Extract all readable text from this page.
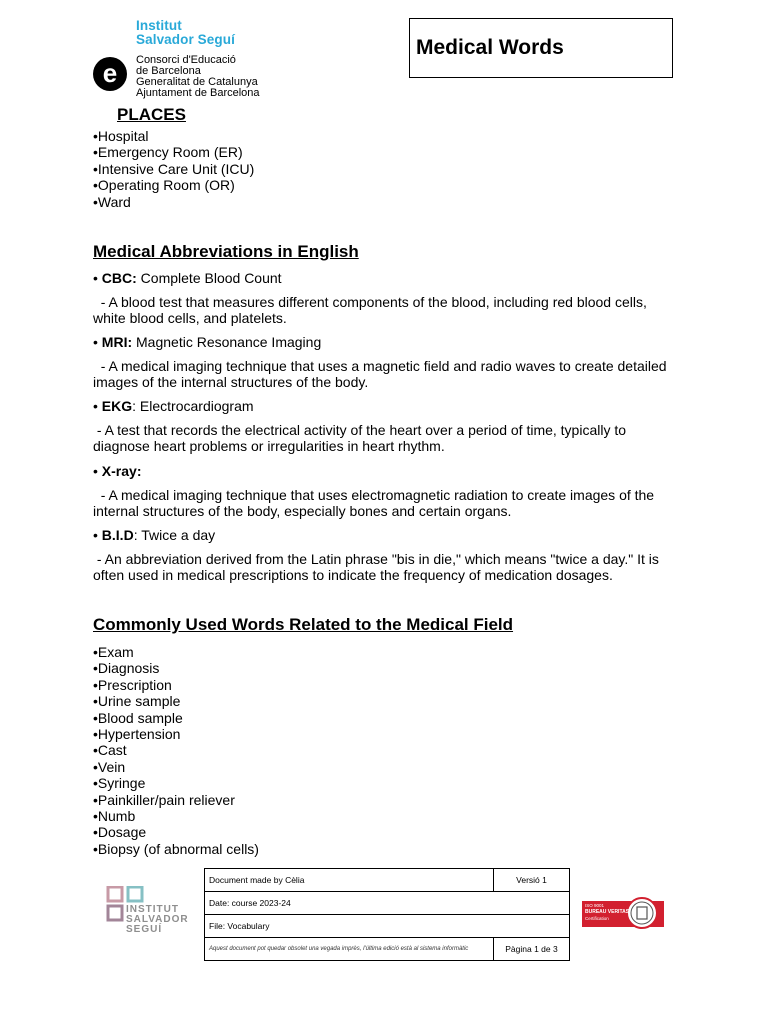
Institut
Salvador Seguí
e Consorci d'Educació
de Barcelona
Generalitat de Catalunya
Ajuntament de Barcelona
Medical Words
PLACES
•Hospital
•Emergency Room (ER)
•Intensive Care Unit (ICU)
•Operating Room (OR)
•Ward
Medical Abbreviations in English
• CBC: Complete Blood Count
- A blood test that measures different components of the blood, including red blood cells, white blood cells, and platelets.
• MRI: Magnetic Resonance Imaging
- A medical imaging technique that uses a magnetic field and radio waves to create detailed images of the internal structures of the body.
• EKG: Electrocardiogram
- A test that records the electrical activity of the heart over a period of time, typically to diagnose heart problems or irregularities in heart rhythm.
• X-ray:
- A medical imaging technique that uses electromagnetic radiation to create images of the internal structures of the body, especially bones and certain organs.
• B.I.D: Twice a day
- An abbreviation derived from the Latin phrase "bis in die," which means "twice a day." It is often used in medical prescriptions to indicate the frequency of medication dosages.
Commonly Used Words Related to the Medical Field
•Exam
•Diagnosis
•Prescription
•Urine sample
•Blood sample
•Hypertension
•Cast
•Vein
•Syringe
•Painkiller/pain reliever
•Numb
•Dosage
•Biopsy (of abnormal cells)
INSTITUT
SALVADOR
SEGUÍ
Document made by Cèlia	Versió 1
Date: course 2023-24	
File: Vocabulary	
Aquest document pot quedar obsolet una vegada imprès, l'última edició està al sistema informàtic	Pàgina 1 de 3
ISO 9001
BUREAU VERITAS
Certification
